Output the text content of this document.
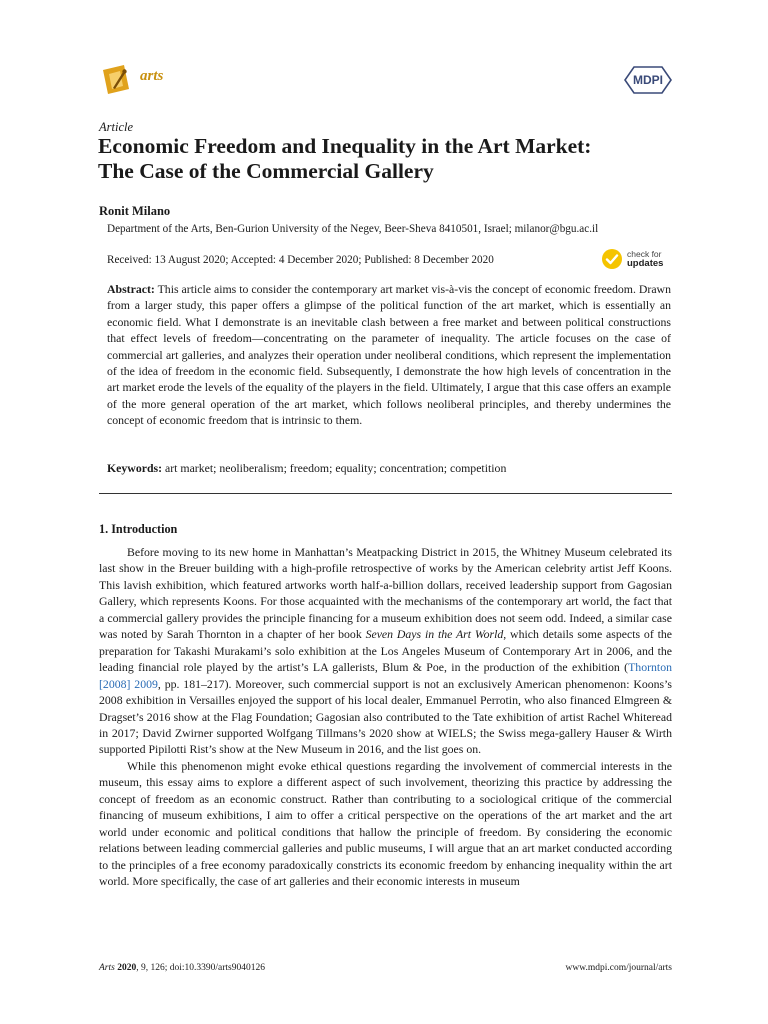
arts	MDPI
Article
Economic Freedom and Inequality in the Art Market:
The Case of the Commercial Gallery
Ronit Milano
Department of the Arts, Ben-Gurion University of the Negev, Beer-Sheva 8410501, Israel; milanor@bgu.ac.il
Received: 13 August 2020; Accepted: 4 December 2020; Published: 8 December 2020	check for
updates

Abstract: This article aims to consider the contemporary art market vis-à-vis the concept of economic freedom. Drawn from a larger study, this paper offers a glimpse of the political function of the art market, which is essentially an economic field. What I demonstrate is an inevitable clash between a free market and between political constructions that effect levels of freedom—concentrating on the parameter of inequality. The article focuses on the case of commercial art galleries, and analyzes their operation under neoliberal conditions, which represent the implementation of the idea of freedom in the economic field. Subsequently, I demonstrate the how high levels of concentration in the art market erode the levels of the equality of the players in the field. Ultimately, I argue that this case offers an example of the more general operation of the art market, which follows neoliberal principles, and thereby undermines the concept of economic freedom that is intrinsic to them.

Keywords: art market; neoliberalism; freedom; equality; concentration; competition

1. Introduction

Before moving to its new home in Manhattan’s Meatpacking District in 2015, the Whitney Museum celebrated its last show in the Breuer building with a high-profile retrospective of works by the American celebrity artist Jeff Koons. This lavish exhibition, which featured artworks worth half-a-billion dollars, received leadership support from Gagosian Gallery, which represents Koons. For those acquainted with the mechanisms of the contemporary art world, the fact that a commercial gallery provides the principle financing for a museum exhibition does not seem odd. Indeed, a similar case was noted by Sarah Thornton in a chapter of her book Seven Days in the Art World, which details some aspects of the preparation for Takashi Murakami’s solo exhibition at the Los Angeles Museum of Contemporary Art in 2006, and the leading financial role played by the artist’s LA gallerists, Blum & Poe, in the production of the exhibition (Thornton [2008] 2009, pp. 181–217). Moreover, such commercial support is not an exclusively American phenomenon: Koons’s 2008 exhibition in Versailles enjoyed the support of his local dealer, Emmanuel Perrotin, who also financed Elmgreen & Dragset’s 2016 show at the Flag Foundation; Gagosian also contributed to the Tate exhibition of artist Rachel Whiteread in 2017; David Zwirner supported Wolfgang Tillmans’s 2020 show at WIELS; the Swiss mega-gallery Hauser & Wirth supported Pipilotti Rist’s show at the New Museum in 2016, and the list goes on.

While this phenomenon might evoke ethical questions regarding the involvement of commercial interests in the museum, this essay aims to explore a different aspect of such involvement, theorizing this practice by addressing the concept of freedom as an economic construct. Rather than contributing to a sociological critique of the commercial financing of museum exhibitions, I aim to offer a critical perspective on the operations of the art market and the art world under economic and political conditions that hallow the principle of freedom. By considering the economic relations between leading commercial galleries and public museums, I will argue that an art market conducted according to the principles of a free economy paradoxically constricts its economic freedom by enhancing inequality within the art world. More specifically, the case of art galleries and their economic interests in museum

Arts 2020, 9, 126; doi:10.3390/arts9040126	www.mdpi.com/journal/arts
